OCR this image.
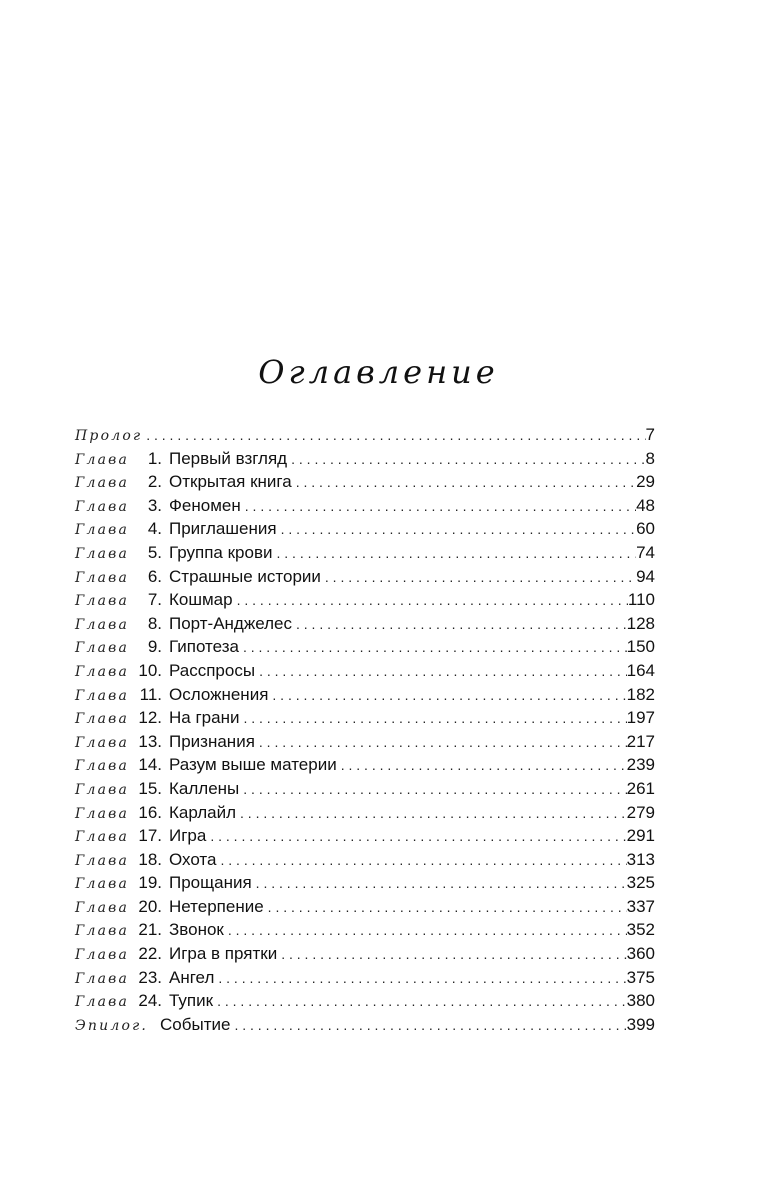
Оглавление
Пролог . . .	7
Глава	1. Первый взгляд . . .	8
Глава	2. Открытая книга . . .	29
Глава	3. Феномен . . .	48
Глава	4. Приглашения . . .	60
Глава	5. Группа крови . . .	74
Глава	6. Страшные истории . . .	94
Глава	7. Кошмар . . .	110
Глава	8. Порт-Анджелес . . .	128
Глава	9. Гипотеза . . .	150
Глава 10. Расспросы . . .	164
Глава 11. Осложнения . . .	182
Глава 12. На грани . . .	197
Глава 13. Признания . . .	217
Глава 14. Разум выше материи . . .	239
Глава 15. Каллены . . .	261
Глава 16. Карлайл . . .	279
Глава 17. Игра . . .	291
Глава 18. Охота . . .	313
Глава 19. Прощания . . .	325
Глава 20. Нетерпение . . .	337
Глава 21. Звонок . . .	352
Глава 22. Игра в прятки . . .	360
Глава 23. Ангел . . .	375
Глава 24. Тупик . . .	380
Эпилог. Событие . . .	399
